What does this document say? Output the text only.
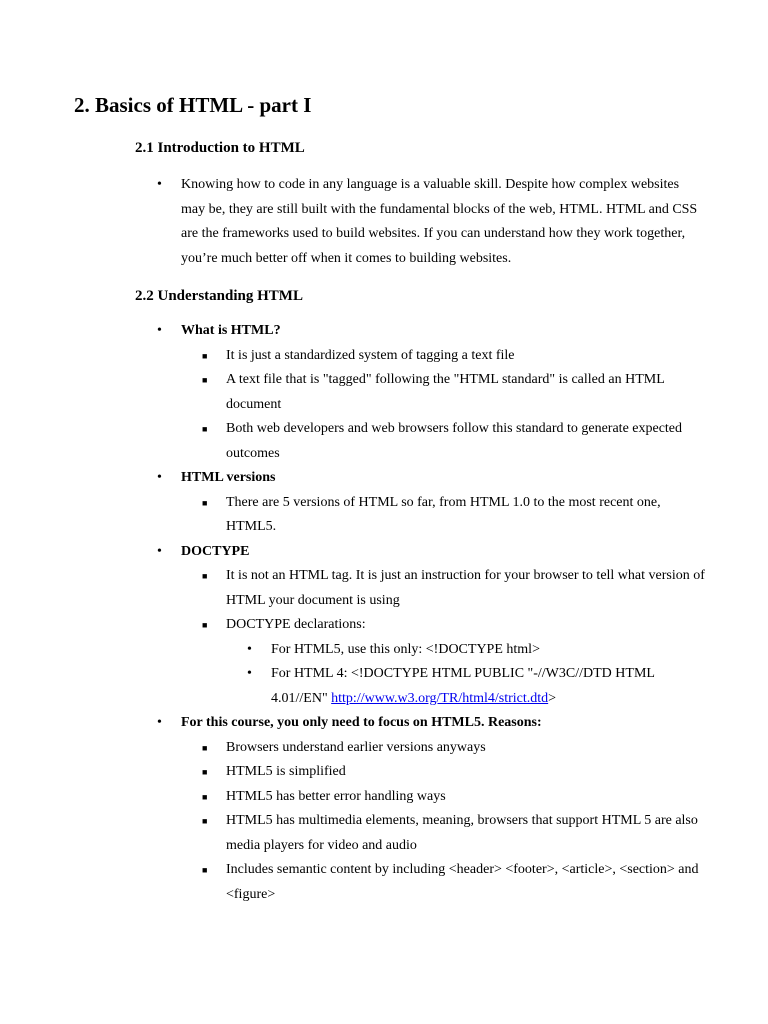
2. Basics of HTML - part I
2.1 Introduction to HTML
• Knowing how to code in any language is a valuable skill. Despite how complex websites may be, they are still built with the fundamental blocks of the web, HTML. HTML and CSS are the frameworks used to build websites. If you can understand how they work together, you’re much better off when it comes to building websites.
2.2 Understanding HTML
• What is HTML?
■ It is just a standardized system of tagging a text file
■ A text file that is "tagged" following the "HTML standard" is called an HTML document
■ Both web developers and web browsers follow this standard to generate expected outcomes
• HTML versions
■ There are 5 versions of HTML so far, from HTML 1.0 to the most recent one, HTML5.
• DOCTYPE
■ It is not an HTML tag. It is just an instruction for your browser to tell what version of HTML your document is using
■ DOCTYPE declarations:
• For HTML5, use this only: <!DOCTYPE html>
• For HTML 4: <!DOCTYPE HTML PUBLIC "-//W3C//DTD HTML 4.01//EN" http://www.w3.org/TR/html4/strict.dtd>
• For this course, you only need to focus on HTML5. Reasons:
■ Browsers understand earlier versions anyways
■ HTML5 is simplified
■ HTML5 has better error handling ways
■ HTML5 has multimedia elements, meaning, browsers that support HTML 5 are also media players for video and audio
■ Includes semantic content by including <header> <footer>, <article>, <section> and <figure>
